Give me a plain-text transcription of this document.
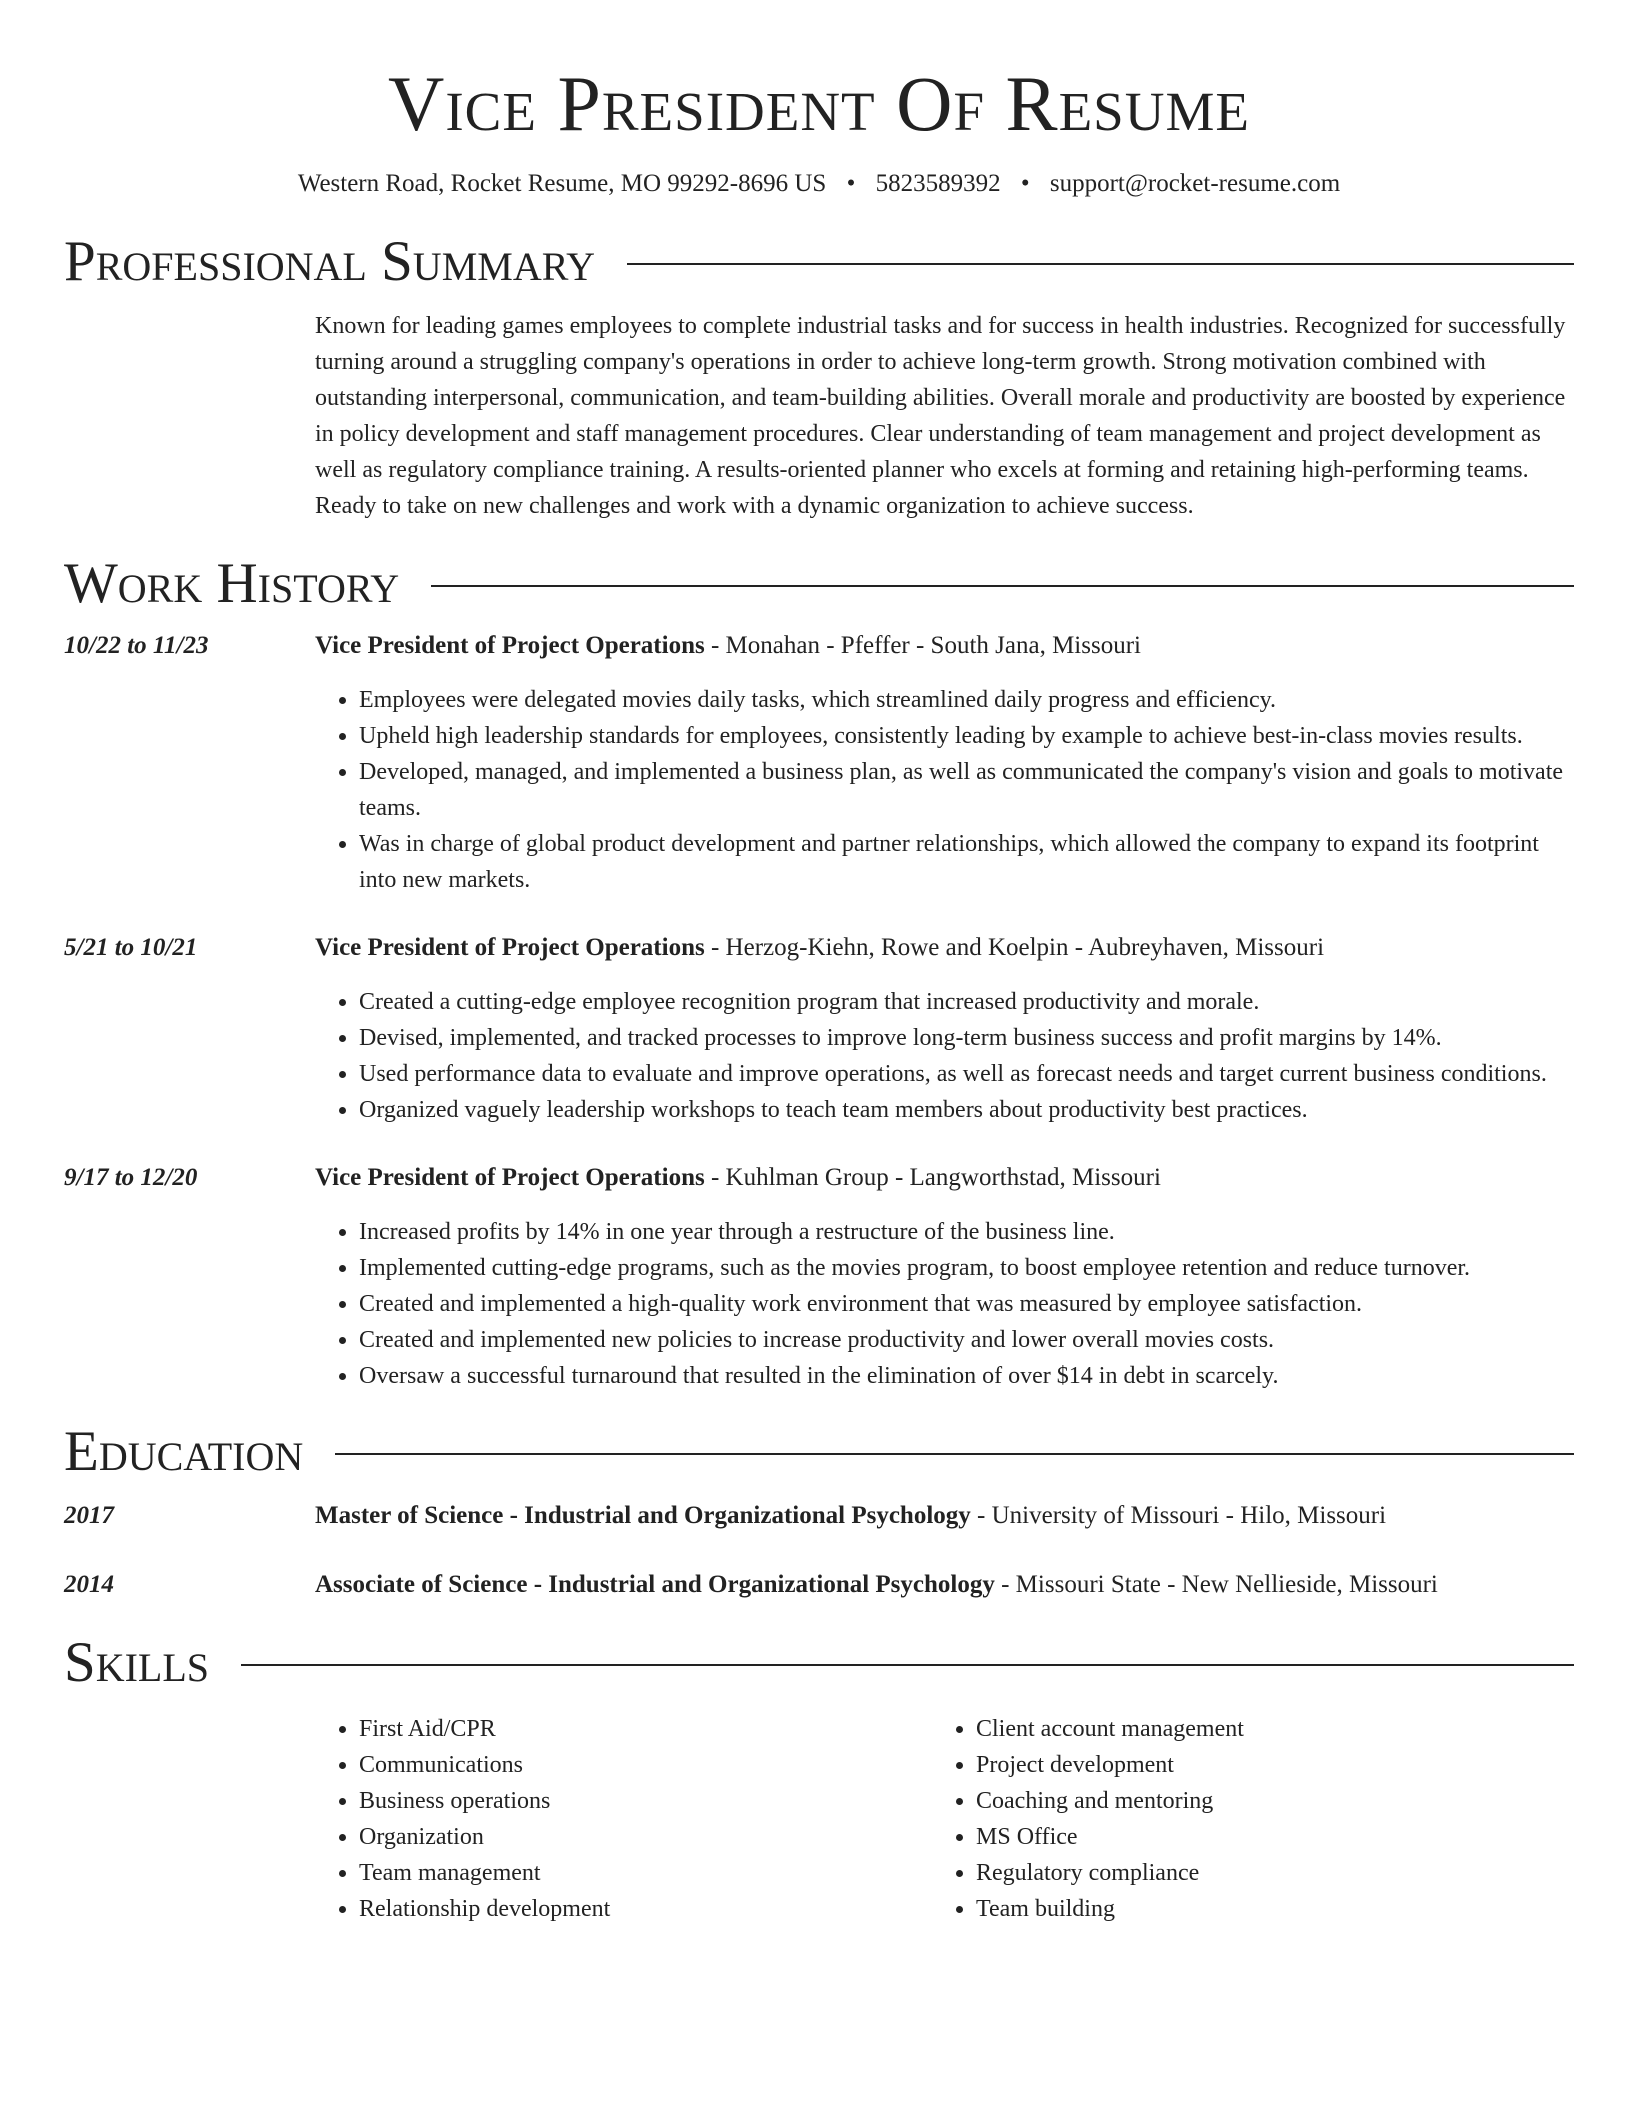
Vice President Of Resume
Western Road, Rocket Resume, MO 99292-8696 US • 5823589392 • support@rocket-resume.com
Professional Summary
Known for leading games employees to complete industrial tasks and for success in health industries. Recognized for successfully turning around a struggling company's operations in order to achieve long-term growth. Strong motivation combined with outstanding interpersonal, communication, and team-building abilities. Overall morale and productivity are boosted by experience in policy development and staff management procedures. Clear understanding of team management and project development as well as regulatory compliance training. A results-oriented planner who excels at forming and retaining high-performing teams. Ready to take on new challenges and work with a dynamic organization to achieve success.
Work History
10/22 to 11/23	Vice President of Project Operations - Monahan - Pfeffer - South Jana, Missouri
• Employees were delegated movies daily tasks, which streamlined daily progress and efficiency.
• Upheld high leadership standards for employees, consistently leading by example to achieve best-in-class movies results.
• Developed, managed, and implemented a business plan, as well as communicated the company's vision and goals to motivate teams.
• Was in charge of global product development and partner relationships, which allowed the company to expand its footprint into new markets.
5/21 to 10/21	Vice President of Project Operations - Herzog-Kiehn, Rowe and Koelpin - Aubreyhaven, Missouri
• Created a cutting-edge employee recognition program that increased productivity and morale.
• Devised, implemented, and tracked processes to improve long-term business success and profit margins by 14%.
• Used performance data to evaluate and improve operations, as well as forecast needs and target current business conditions.
• Organized vaguely leadership workshops to teach team members about productivity best practices.
9/17 to 12/20	Vice President of Project Operations - Kuhlman Group - Langworthstad, Missouri
• Increased profits by 14% in one year through a restructure of the business line.
• Implemented cutting-edge programs, such as the movies program, to boost employee retention and reduce turnover.
• Created and implemented a high-quality work environment that was measured by employee satisfaction.
• Created and implemented new policies to increase productivity and lower overall movies costs.
• Oversaw a successful turnaround that resulted in the elimination of over $14 in debt in scarcely.
Education
2017	Master of Science - Industrial and Organizational Psychology - University of Missouri - Hilo, Missouri
2014	Associate of Science - Industrial and Organizational Psychology - Missouri State - New Nellieside, Missouri
Skills
• First Aid/CPR
• Communications
• Business operations
• Organization
• Team management
• Relationship development
• Client account management
• Project development
• Coaching and mentoring
• MS Office
• Regulatory compliance
• Team building
